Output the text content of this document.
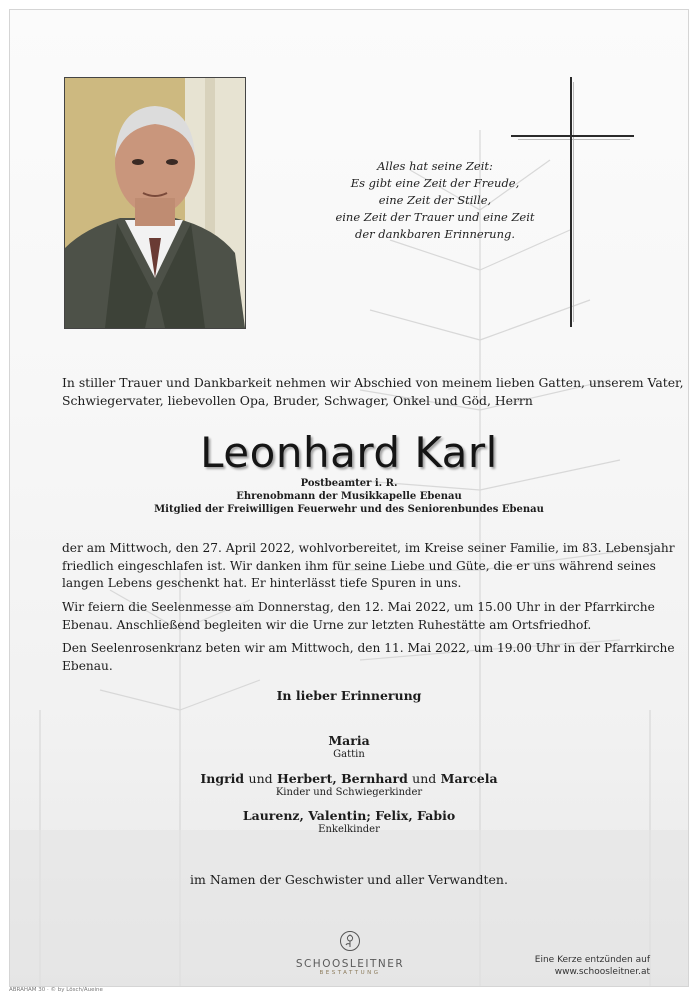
Alles hat seine Zeit:
Es gibt eine Zeit der Freude,
eine Zeit der Stille,
eine Zeit der Trauer und eine Zeit
der dankbaren Erinnerung.
In stiller Trauer und Dankbarkeit nehmen wir Abschied von meinem lieben Gatten, unserem Vater,
Schwiegervater, liebevollen Opa, Bruder, Schwager, Onkel und Göd, Herrn
Leonhard Karl
Postbeamter i. R.
Ehrenobmann der Musikkapelle Ebenau
Mitglied der Freiwilligen Feuerwehr und des Seniorenbundes Ebenau
der am Mittwoch, den 27. April 2022, wohlvorbereitet, im Kreise seiner Familie, im 83. Lebensjahr
friedlich eingeschlafen ist. Wir danken ihm für seine Liebe und Güte, die er uns während seines
langen Lebens geschenkt hat. Er hinterlässt tiefe Spuren in uns.
Wir feiern die Seelenmesse am Donnerstag, den 12. Mai 2022, um 15.00 Uhr in der Pfarrkirche
Ebenau. Anschließend begleiten wir die Urne zur letzten Ruhestätte am Ortsfriedhof.
Den Seelenrosenkranz beten wir am Mittwoch, den 11. Mai 2022, um 19.00 Uhr in der Pfarrkirche
Ebenau.
In lieber Erinnerung
Maria
Gattin
Ingrid und Herbert, Bernhard und Marcela
Kinder und Schwiegerkinder
Laurenz, Valentin; Felix, Fabio
Enkelkinder
im Namen der Geschwister und aller Verwandten.
SCHOOSLEITNER
BESTATTUNG
Eine Kerze entzünden auf
www.schoosleitner.at
ABRAHAM 30 · © by Lösch/Aueine
